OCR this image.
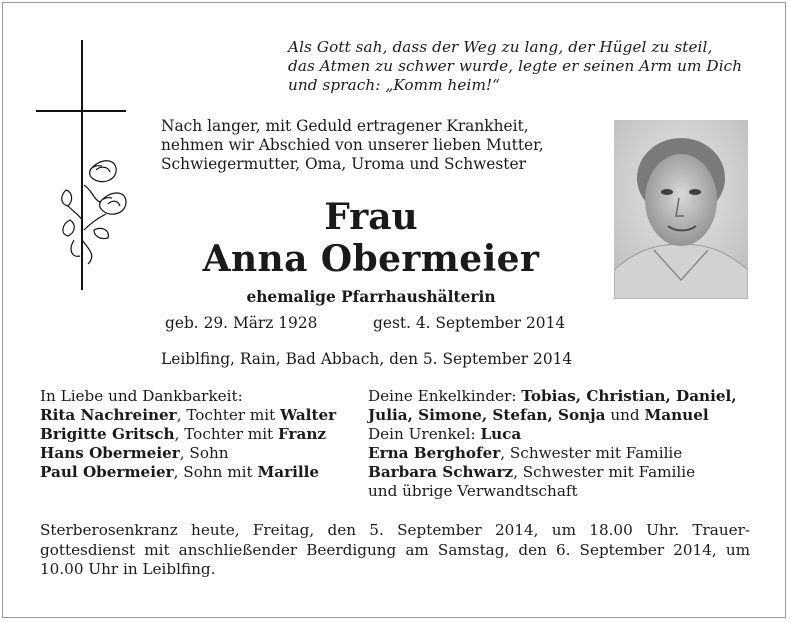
Als Gott sah, dass der Weg zu lang, der Hügel zu steil,
das Atmen zu schwer wurde, legte er seinen Arm um Dich
und sprach: „Komm heim!“
Nach langer, mit Geduld ertragener Krankheit,
nehmen wir Abschied von unserer lieben Mutter,
Schwiegermutter, Oma, Uroma und Schwester
Frau
Anna Obermeier
ehemalige Pfarrhaushälterin
geb. 29. März 1928	gest. 4. September 2014
Leiblfing, Rain, Bad Abbach, den 5. September 2014
In Liebe und Dankbarkeit:
Rita Nachreiner, Tochter mit Walter
Brigitte Gritsch, Tochter mit Franz
Hans Obermeier, Sohn
Paul Obermeier, Sohn mit Marille
Deine Enkelkinder: Tobias, Christian, Daniel,
Julia, Simone, Stefan, Sonja und Manuel
Dein Urenkel: Luca
Erna Berghofer, Schwester mit Familie
Barbara Schwarz, Schwester mit Familie
und übrige Verwandtschaft
Sterberosenkranz heute, Freitag, den 5. September 2014, um 18.00 Uhr. Trauer-
gottesdienst mit anschließender Beerdigung am Samstag, den 6. September 2014, um
10.00 Uhr in Leiblfing.
